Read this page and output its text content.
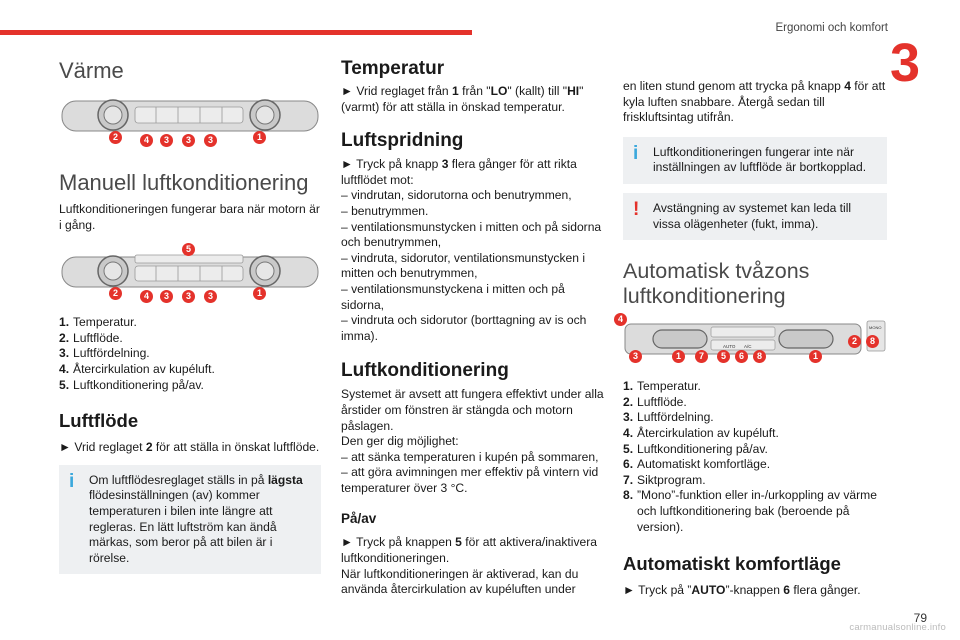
Ergonomi och komfort
3
Värme
2	4	3	3	3	1
Manuell luftkonditionering

Luftkonditioneringen fungerar bara när motorn är i gång.

5
2	4	3	3	3	1
1. Temperatur.
2. Luftflöde.
3. Luftfördelning.
4. Återcirkulation av kupéluft.
5. Luftkonditionering på/av.
Luftflöde

► Vrid reglaget 2 för att ställa in önskat luftflöde.

i	Om luftflödesreglaget ställs in på lägsta flödesinställningen (av) kommer temperaturen i bilen inte längre att regleras. En lätt luftström kan ändå märkas, som beror på att bilen är i rörelse.
Temperatur

► Vrid reglaget från 1 från "LO" (kallt) till "HI" (varmt) för att ställa in önskad temperatur.

Luftspridning

► Tryck på knapp 3 flera gånger för att rikta luftflödet mot:

– vindrutan, sidorutorna och benutrymmen,

– benutrymmen.

– ventilationsmunstycken i mitten och på sidorna och benutrymmen,

– vindruta, sidorutor, ventilationsmunstycken i mitten och benutrymmen,

– ventilationsmunstyckena i mitten och på sidorna,

– vindruta och sidorutor (borttagning av is och imma).

Luftkonditionering

Systemet är avsett att fungera effektivt under alla årstider om fönstren är stängda och motorn påslagen.

Den ger dig möjlighet:

– att sänka temperaturen i kupén på sommaren,

– att göra avimningen mer effektiv på vintern vid temperaturer över 3 °C.

På/av

► Tryck på knappen 5 för att aktivera/inaktivera luftkonditioneringen.

När luftkonditioneringen är aktiverad, kan du använda återcirkulation av kupéluften under

en liten stund genom att trycka på knapp 4 för att kyla luften snabbare. Återgå sedan till friskluftsintag utifrån.

i	Luftkonditioneringen fungerar inte när inställningen av luftflöde är bortkopplad.
!	Avstängning av systemet kan leda till vissa olägenheter (fukt, imma).
Automatisk tvåzons luftkonditionering
AUTO A/C
MONO
4
2	8
3	1	7	5	6	8	1
1. Temperatur.
2. Luftflöde.
3. Luftfördelning.
4. Återcirkulation av kupéluft.
5. Luftkonditionering på/av.
6. Automatiskt komfortläge.
7. Siktprogram.
8. ”Mono”-funktion eller in-/urkoppling av värme och luftkonditionering bak (beroende på version).
Automatiskt komfortläge

► Tryck på ”AUTO”-knappen 6 flera gånger.

79
carmanualsonline.info
